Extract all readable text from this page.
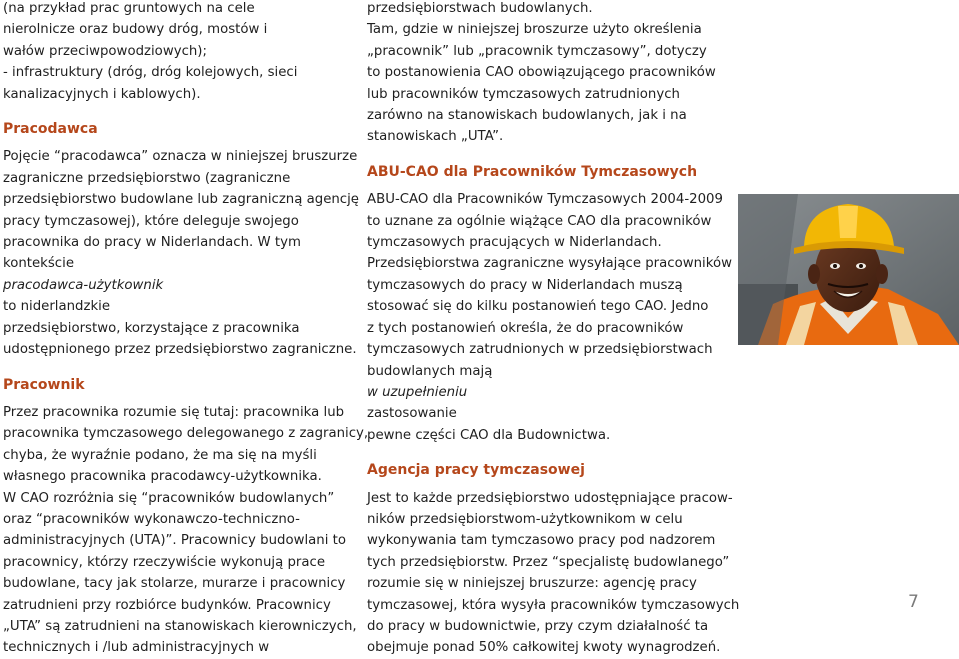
(na przykład prac gruntowych na cele
nierolnicze oraz budowy dróg, mostów i
wałów przeciwpowodziowych);
- infrastruktury (dróg, dróg kolejowych, sieci
kanalizacyjnych i kablowych).
Pracodawca
Pojęcie “pracodawca” oznacza w niniejszej bruszurze
zagraniczne przedsiębiorstwo (zagraniczne
przedsiębiorstwo budowlane lub zagraniczną agencję
pracy tymczasowej), które deleguje swojego
pracownika do pracy w Niderlandach. W tym
kontekście
pracodawca-użytkownik
to niderlandzkie
przedsiębiorstwo, korzystające z pracownika
udostępnionego przez przedsiębiorstwo zagraniczne.
Pracownik
Przez pracownika rozumie się tutaj: pracownika lub
pracownika tymczasowego delegowanego z zagranicy,
chyba, że wyraźnie podano, że ma się na myśli
własnego pracownika pracodawcy-użytkownika.
W CAO rozróżnia się “pracowników budowlanych”
oraz “pracowników wykonawczo-techniczno-
administracyjnych (UTA)”. Pracownicy budowlani to
pracownicy, którzy rzeczywiście wykonują prace
budowlane, tacy jak stolarze, murarze i pracownicy
zatrudnieni przy rozbiórce budynków. Pracownicy
„UTA” są zatrudnieni na stanowiskach kierowniczych,
technicznych i /lub administracyjnych w
przedsiębiorstwach budowlanych.
Tam, gdzie w niniejszej broszurze użyto określenia
„pracownik” lub „pracownik tymczasowy”, dotyczy
to postanowienia CAO obowiązującego pracowników
lub pracowników tymczasowych zatrudnionych
zarówno na stanowiskach budowlanych, jak i na
stanowiskach „UTA”.
ABU-CAO dla Pracowników Tymczasowych
ABU-CAO dla Pracowników Tymczasowych 2004-2009
to uznane za ogólnie wiążące CAO dla pracowników
tymczasowych pracujących w Niderlandach.
Przedsiębiorstwa zagraniczne wysyłające pracowników
tymczasowych do pracy w Niderlandach muszą
stosować się do kilku postanowień tego CAO. Jedno
z tych postanowień określa, że do pracowników
tymczasowych zatrudnionych w przedsiębiorstwach
budowlanych mają
w uzupełnieniu
zastosowanie
pewne części CAO dla Budownictwa.
Agencja pracy tymczasowej
Jest to każde przedsiębiorstwo udostępniające pracow-
ników przedsiębiorstwom-użytkownikom w celu
wykonywania tam tymczasowo pracy pod nadzorem
tych przedsiębiorstw. Przez “specjalistę budowlanego”
rozumie się w niniejszej bruszurze: agencję pracy
tymczasowej, która wysyła pracowników tymczasowych
do pracy w budownictwie, przy czym działalność ta
obejmuje ponad 50% całkowitej kwoty wynagrodzeń.
7
